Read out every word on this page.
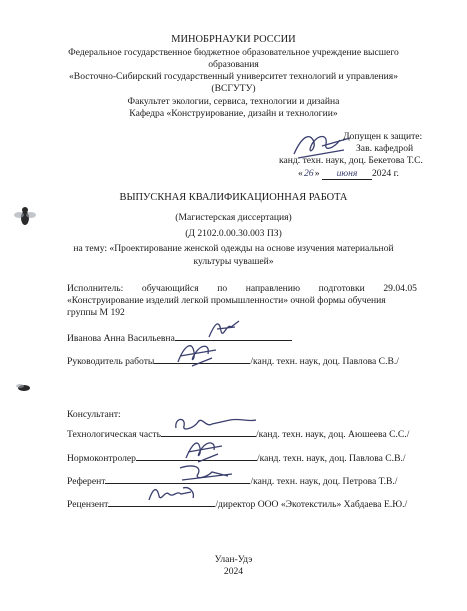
МИНОБРНАУКИ РОССИИ
Федеральное государственное бюджетное образовательное учреждение высшего
образования
«Восточно-Сибирский государственный университет технологий и управления»
(ВСГУТУ)
Факультет экологии, сервиса, технологии и дизайна
Кафедра «Конструирование, дизайн и технологии»
Допущен к защите:
Зав. кафедрой
канд. техн. наук, доц. Бекетова Т.С.
«26» июня 2024 г.
ВЫПУСКНАЯ КВАЛИФИКАЦИОННАЯ РАБОТА
(Магистерская диссертация)
(Д 2102.0.00.30.003 ПЗ)
на тему: «Проектирование женской одежды на основе изучения материальной
культуры чувашей»
Исполнитель: обучающийся по направлению подготовки 29.04.05
«Конструирование изделий легкой промышленности» очной формы обучения
группы М 192
Иванова Анна Васильевна
Руководитель работы	/канд. техн. наук, доц. Павлова С.В./
Консультант:
Технологическая часть	/канд. техн. наук, доц. Аюшеева С.С./
Нормоконтролер	/канд. техн. наук, доц. Павлова С.В./
Референт	/канд. техн. наук, доц. Петрова Т.В./
Рецензент	/директор ООО «Экотекстиль» Хабдаева Е.Ю./
Улан-Удэ
2024
